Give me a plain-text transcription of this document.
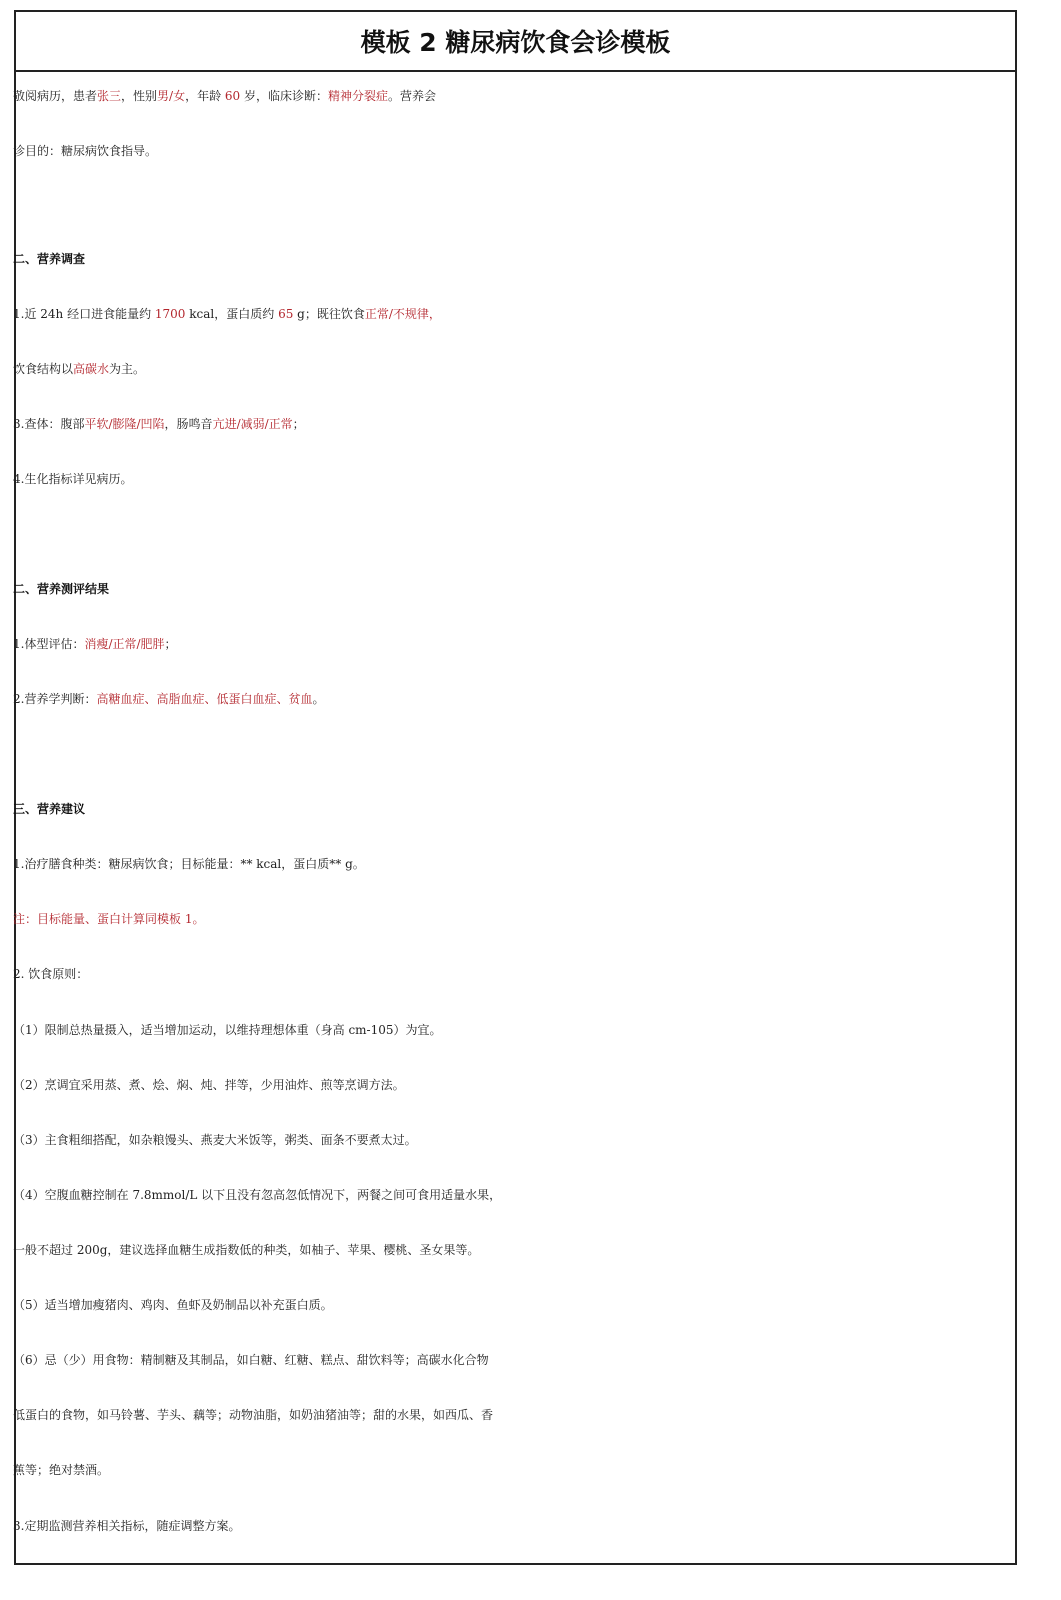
模板 2 糖尿病饮食会诊模板
敬阅病历，患者张三，性别男/女，年龄 60 岁，临床诊断：精神分裂症。营养会
诊目的：糖尿病饮食指导。
二、营养调查
1.近 24h 经口进食能量约 1700 kcal，蛋白质约 65 g；既往饮食正常/不规律，
饮食结构以高碳水为主。
3.查体：腹部平软/膨隆/凹陷，肠鸣音亢进/减弱/正常；
4.生化指标详见病历。
二、营养测评结果
1.体型评估：消瘦/正常/肥胖；
2.营养学判断：高糖血症、高脂血症、低蛋白血症、贫血。
三、营养建议
1.治疗膳食种类：糖尿病饮食；目标能量：** kcal，蛋白质** g。
注：目标能量、蛋白计算同模板 1。
2. 饮食原则：
（1）限制总热量摄入，适当增加运动，以维持理想体重（身高 cm-105）为宜。
（2）烹调宜采用蒸、煮、烩、焖、炖、拌等，少用油炸、煎等烹调方法。
（3）主食粗细搭配，如杂粮馒头、燕麦大米饭等，粥类、面条不要煮太过。
（4）空腹血糖控制在 7.8mmol/L 以下且没有忽高忽低情况下，两餐之间可食用适量水果，
一般不超过 200g，建议选择血糖生成指数低的种类，如柚子、苹果、樱桃、圣女果等。
（5）适当增加瘦猪肉、鸡肉、鱼虾及奶制品以补充蛋白质。
（6）忌（少）用食物：精制糖及其制品，如白糖、红糖、糕点、甜饮料等；高碳水化合物
低蛋白的食物，如马铃薯、芋头、藕等；动物油脂，如奶油猪油等；甜的水果，如西瓜、香
蕉等；绝对禁酒。
3.定期监测营养相关指标，随症调整方案。
